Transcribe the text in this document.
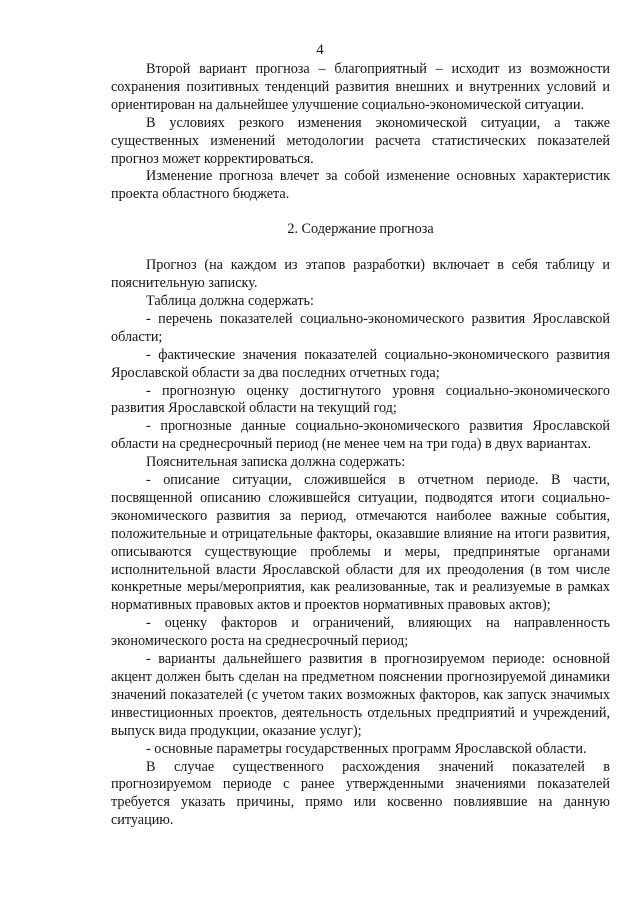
4

Второй вариант прогноза – благоприятный – исходит из возможности сохранения позитивных тенденций развития внешних и внутренних условий и ориентирован на дальнейшее улучшение социально-экономической ситуации.

В условиях резкого изменения экономической ситуации, а также существенных изменений методологии расчета статистических показателей прогноз может корректироваться.

Изменение прогноза влечет за собой изменение основных характеристик проекта областного бюджета.

2. Содержание прогноза

Прогноз (на каждом из этапов разработки) включает в себя таблицу и пояснительную записку.

Таблица должна содержать:

- перечень показателей социально-экономического развития Ярославской области;

- фактические значения показателей социально-экономического развития Ярославской области за два последних отчетных года;

- прогнозную оценку достигнутого уровня социально-экономического развития Ярославской области на текущий год;

- прогнозные данные социально-экономического развития Ярославской области на среднесрочный период (не менее чем на три года) в двух вариантах.

Пояснительная записка должна содержать:

- описание ситуации, сложившейся в отчетном периоде. В части, посвященной описанию сложившейся ситуации, подводятся итоги социально-экономического развития за период, отмечаются наиболее важные события, положительные и отрицательные факторы, оказавшие влияние на итоги развития, описываются существующие проблемы и меры, предпринятые органами исполнительной власти Ярославской области для их преодоления (в том числе конкретные меры/мероприятия, как реализованные, так и реализуемые в рамках нормативных правовых актов и проектов нормативных правовых актов);

- оценку факторов и ограничений, влияющих на направленность экономического роста на среднесрочный период;

- варианты дальнейшего развития в прогнозируемом периоде: основной акцент должен быть сделан на предметном пояснении прогнозируемой динамики значений показателей (с учетом таких возможных факторов, как запуск значимых инвестиционных проектов, деятельность отдельных предприятий и учреждений, выпуск вида продукции, оказание услуг);

- основные параметры государственных программ Ярославской области.

В случае существенного расхождения значений показателей в прогнозируемом периоде с ранее утвержденными значениями показателей требуется указать причины, прямо или косвенно повлиявшие на данную ситуацию.
